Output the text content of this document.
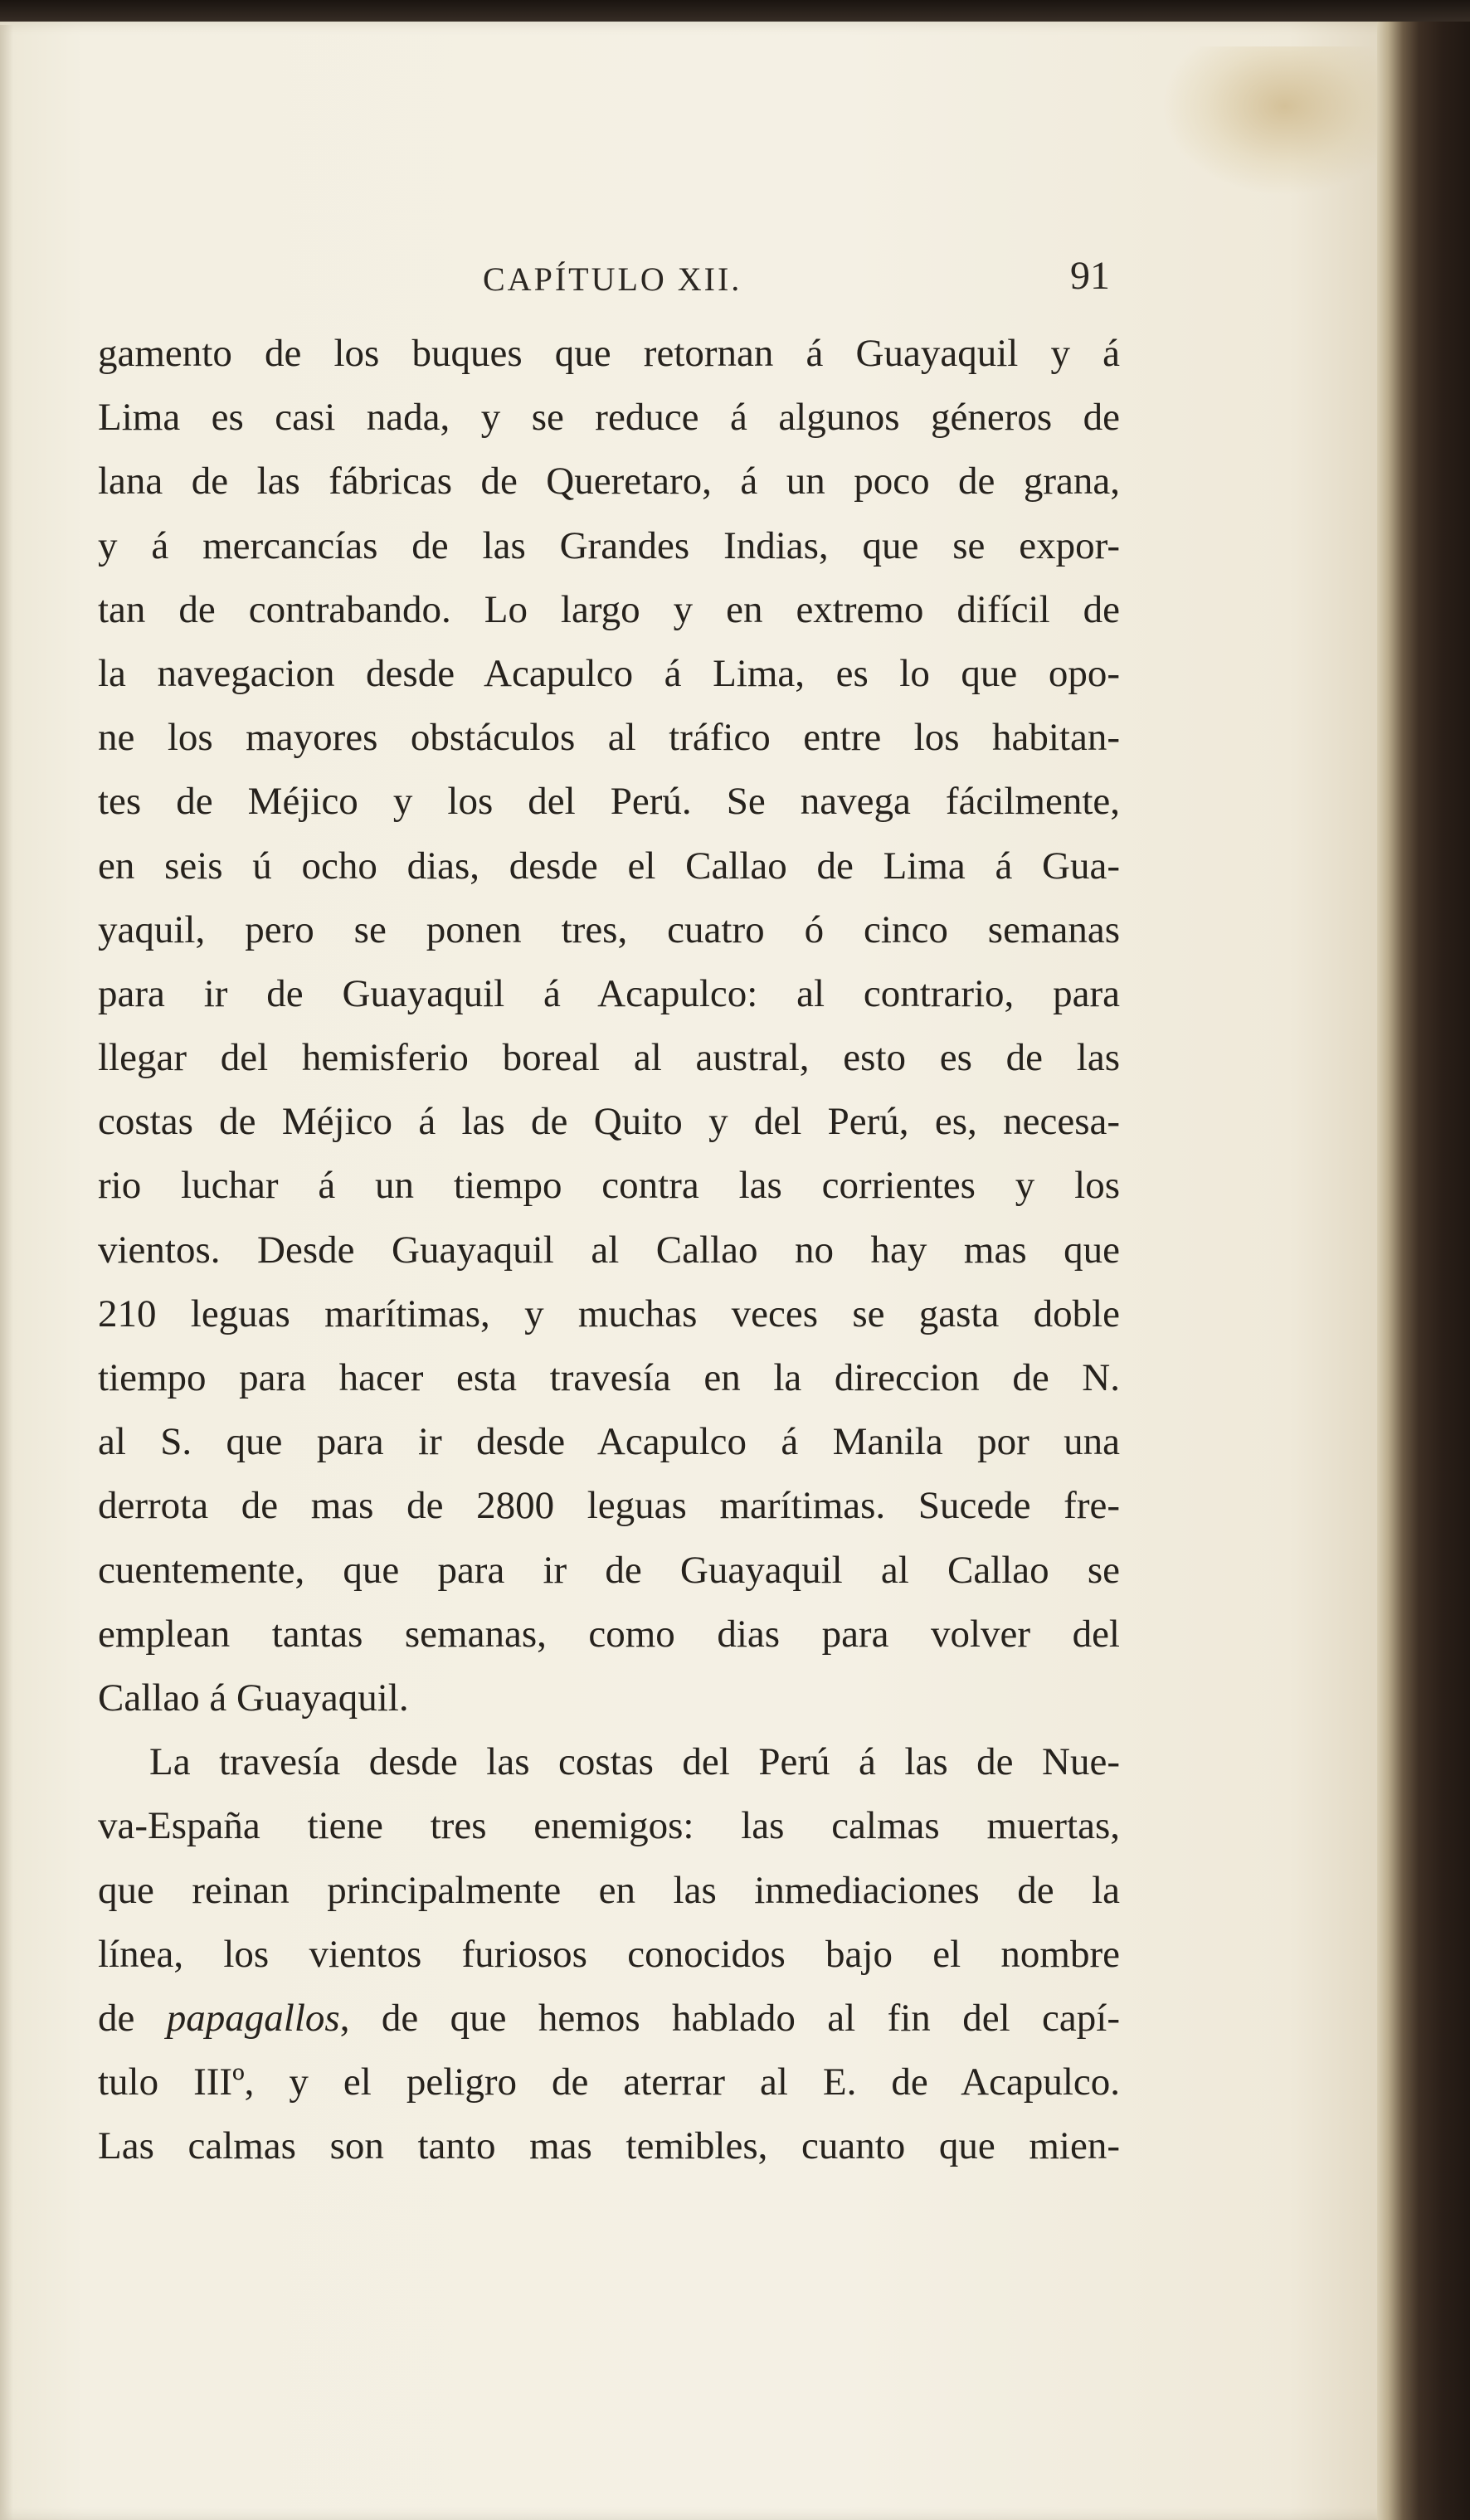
CAPÍTULO XII.	91
gamento de los buques que retornan á Guayaquil y á
Lima es casi nada, y se reduce á algunos géneros de
lana de las fábricas de Queretaro, á un poco de grana,
y á mercancías de las Grandes Indias, que se expor-
tan de contrabando. Lo largo y en extremo difícil de
la navegacion desde Acapulco á Lima, es lo que opo-
ne los mayores obstáculos al tráfico entre los habitan-
tes de Méjico y los del Perú. Se navega fácilmente,
en seis ú ocho dias, desde el Callao de Lima á Gua-
yaquil, pero se ponen tres, cuatro ó cinco semanas
para ir de Guayaquil á Acapulco: al contrario, para
llegar del hemisferio boreal al austral, esto es de las
costas de Méjico á las de Quito y del Perú, es, necesa-
rio luchar á un tiempo contra las corrientes y los
vientos. Desde Guayaquil al Callao no hay mas que
210 leguas marítimas, y muchas veces se gasta doble
tiempo para hacer esta travesía en la direccion de N.
al S. que para ir desde Acapulco á Manila por una
derrota de mas de 2800 leguas marítimas. Sucede fre-
cuentemente, que para ir de Guayaquil al Callao se
emplean tantas semanas, como dias para volver del
Callao á Guayaquil.
La travesía desde las costas del Perú á las de Nue-
va-España tiene tres enemigos: las calmas muertas,
que reinan principalmente en las inmediaciones de la
línea, los vientos furiosos conocidos bajo el nombre
de papagallos, de que hemos hablado al fin del capí-
tulo IIIº, y el peligro de aterrar al E. de Acapulco.
Las calmas son tanto mas temibles, cuanto que mien-
